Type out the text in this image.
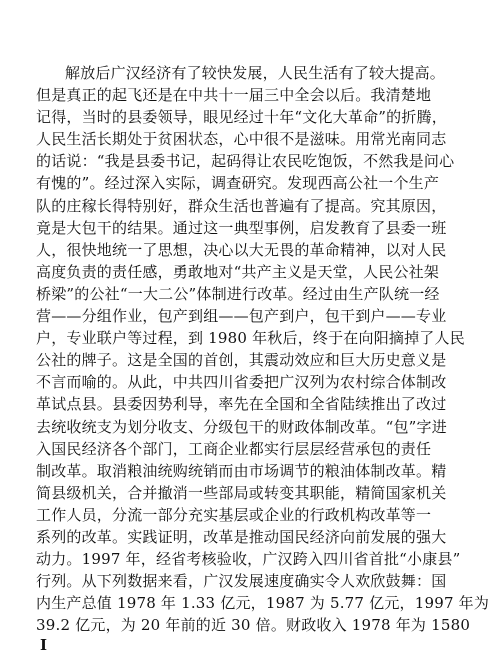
解放后广汉经济有了较快发展，人民生活有了较大提高。
但是真正的起飞还是在中共十一届三中全会以后。我清楚地
记得，当时的县委领导，眼见经过十年“文化大革命”的折腾，
人民生活长期处于贫困状态，心中很不是滋味。用常光南同志
的话说：“我是县委书记，起码得让农民吃饱饭，不然我是问心
有愧的”。经过深入实际，调查研究。发现西高公社一个生产
队的庄稼长得特别好，群众生活也普遍有了提高。究其原因，
竟是大包干的结果。通过这一典型事例，启发教育了县委一班
人，很快地统一了思想，决心以大无畏的革命精神，以对人民
高度负责的责任感，勇敢地对“共产主义是天堂，人民公社架
桥梁”的公社“一大二公”体制进行改革。经过由生产队统一经
营——分组作业，包产到组——包产到户，包干到户——专业
户，专业联户等过程，到 1980 年秋后，终于在向阳摘掉了人民
公社的牌子。这是全国的首创，其震动效应和巨大历史意义是
不言而喻的。从此，中共四川省委把广汉列为农村综合体制改
革试点县。县委因势利导，率先在全国和全省陆续推出了改过
去统收统支为划分收支、分级包干的财政体制改革。“包”字进
入国民经济各个部门，工商企业都实行层层经营承包的责任
制改革。取消粮油统购统销而由市场调节的粮油体制改革。精
简县级机关，合并撤消一些部局或转变其职能，精简国家机关
工作人员，分流一部分充实基层或企业的行政机构改革等一
系列的改革。实践证明，改革是推动国民经济向前发展的强大
动力。1997 年，经省考核验收，广汉跨入四川省首批“小康县”
行列。从下列数据来看，广汉发展速度确实令人欢欣鼓舞：国
内生产总值 1978 年 1.33 亿元，1987 为 5.77 亿元，1997 年为
39.2 亿元，为 20 年前的近 30 倍。财政收入 1978 年为 1580
I
